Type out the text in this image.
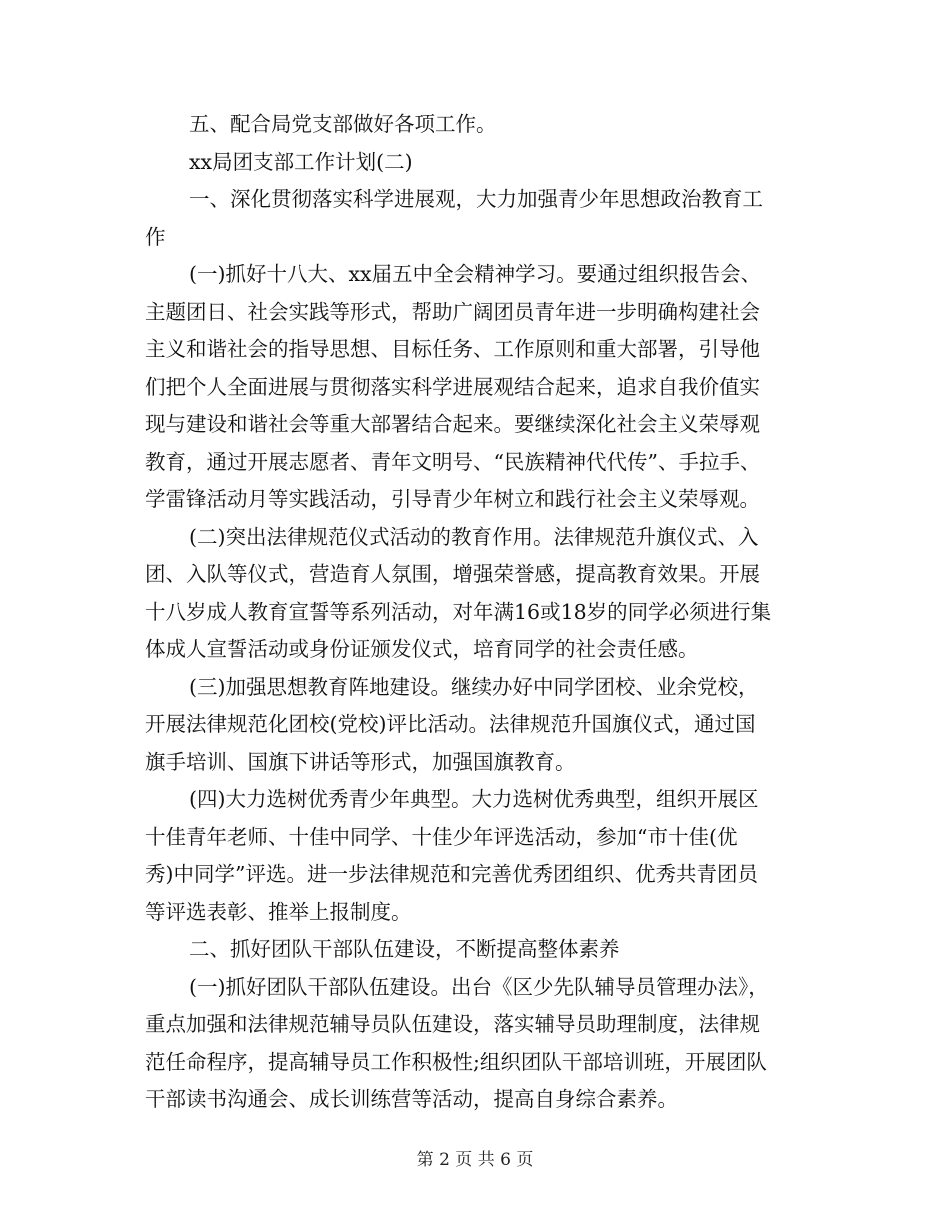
五、配合局党支部做好各项工作。
xx局团支部工作计划(二)
一、深化贯彻落实科学进展观，大力加强青少年思想政治教育工
作
(一)抓好十八大、xx届五中全会精神学习。要通过组织报告会、
主题团日、社会实践等形式，帮助广阔团员青年进一步明确构建社会
主义和谐社会的指导思想、目标任务、工作原则和重大部署，引导他
们把个人全面进展与贯彻落实科学进展观结合起来，追求自我价值实
现与建设和谐社会等重大部署结合起来。要继续深化社会主义荣辱观
教育，通过开展志愿者、青年文明号、“民族精神代代传”、手拉手、
学雷锋活动月等实践活动，引导青少年树立和践行社会主义荣辱观。
(二)突出法律规范仪式活动的教育作用。法律规范升旗仪式、入
团、入队等仪式，营造育人氛围，增强荣誉感，提高教育效果。开展
十八岁成人教育宣誓等系列活动，对年满16或18岁的同学必须进行集
体成人宣誓活动或身份证颁发仪式，培育同学的社会责任感。
(三)加强思想教育阵地建设。继续办好中同学团校、业余党校，
开展法律规范化团校(党校)评比活动。法律规范升国旗仪式，通过国
旗手培训、国旗下讲话等形式，加强国旗教育。
(四)大力选树优秀青少年典型。大力选树优秀典型，组织开展区
十佳青年老师、十佳中同学、十佳少年评选活动，参加“市十佳(优
秀)中同学”评选。进一步法律规范和完善优秀团组织、优秀共青团员
等评选表彰、推举上报制度。
二、抓好团队干部队伍建设，不断提高整体素养
(一)抓好团队干部队伍建设。出台《区少先队辅导员管理办法》，
重点加强和法律规范辅导员队伍建设，落实辅导员助理制度，法律规
范任命程序，提高辅导员工作积极性;组织团队干部培训班，开展团队
干部读书沟通会、成长训练营等活动，提高自身综合素养。
第 2 页 共 6 页
